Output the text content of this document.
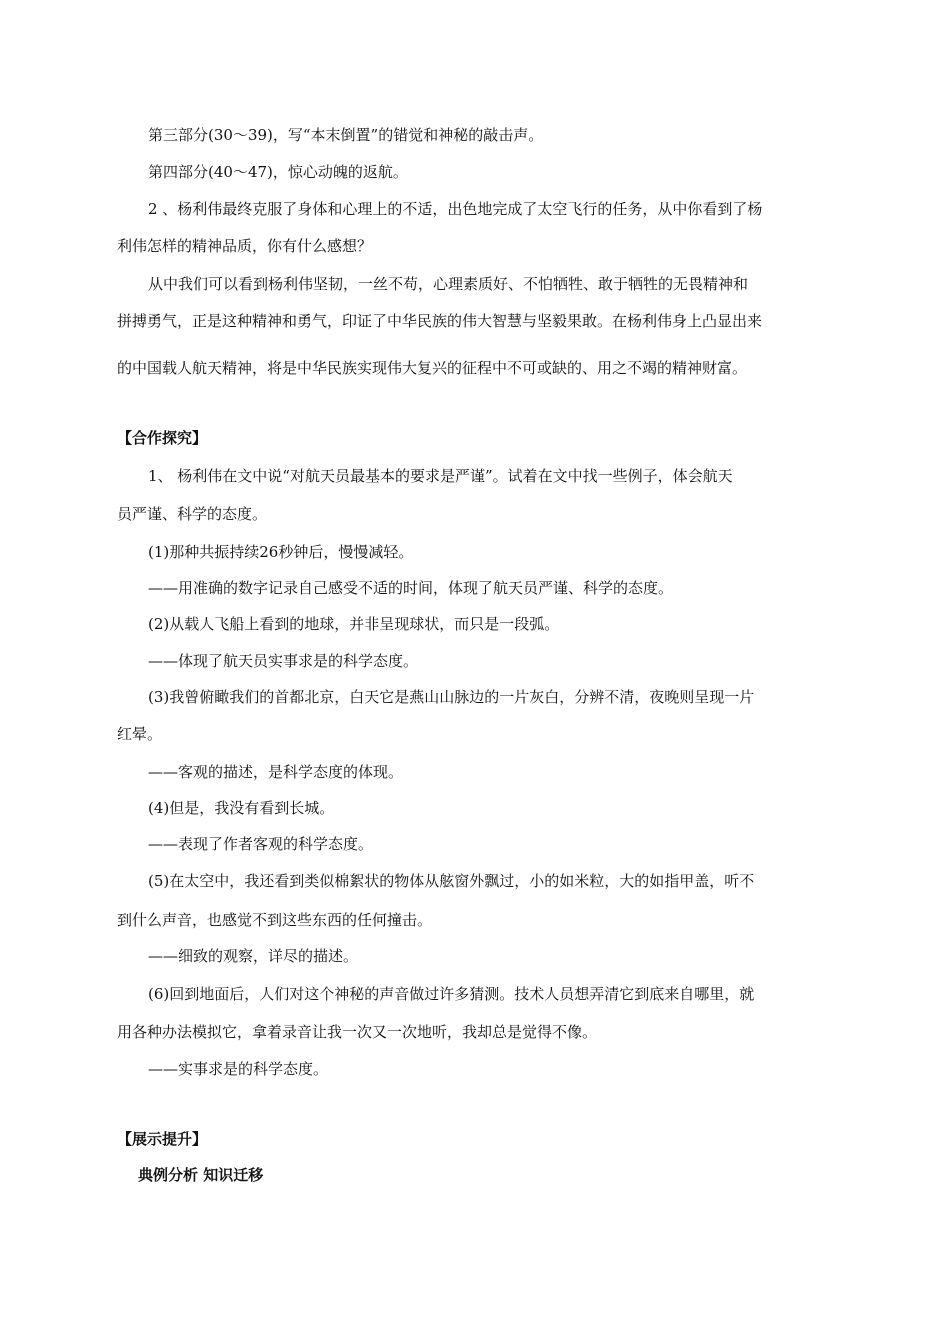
第三部分(30～39)，写“本末倒置”的错觉和神秘的敲击声。
第四部分(40～47)，惊心动魄的返航。
2 、杨利伟最终克服了身体和心理上的不适，出色地完成了太空飞行的任务，从中你看到了杨
利伟怎样的精神品质，你有什么感想？
从中我们可以看到杨利伟坚韧，一丝不苟，心理素质好、不怕牺牲、敢于牺牲的无畏精神和
拼搏勇气，正是这种精神和勇气，印证了中华民族的伟大智慧与坚毅果敢。在杨利伟身上凸显出来
的中国载人航天精神，将是中华民族实现伟大复兴的征程中不可或缺的、用之不竭的精神财富。
【合作探究】
1、 杨利伟在文中说“对航天员最基本的要求是严谨”。试着在文中找一些例子，体会航天
员严谨、科学的态度。
(1)那种共振持续26秒钟后，慢慢减轻。
——用准确的数字记录自己感受不适的时间，体现了航天员严谨、科学的态度。
(2)从载人飞船上看到的地球，并非呈现球状，而只是一段弧。
——体现了航天员实事求是的科学态度。
(3)我曾俯瞰我们的首都北京，白天它是燕山山脉边的一片灰白，分辨不清，夜晚则呈现一片
红晕。
——客观的描述，是科学态度的体现。
(4)但是，我没有看到长城。
——表现了作者客观的科学态度。
(5)在太空中，我还看到类似棉絮状的物体从舷窗外飘过，小的如米粒，大的如指甲盖，听不
到什么声音，也感觉不到这些东西的任何撞击。
——细致的观察，详尽的描述。
(6)回到地面后，人们对这个神秘的声音做过许多猜测。技术人员想弄清它到底来自哪里，就
用各种办法模拟它，拿着录音让我一次又一次地听，我却总是觉得不像。
——实事求是的科学态度。
【展示提升】
典例分析 知识迁移
